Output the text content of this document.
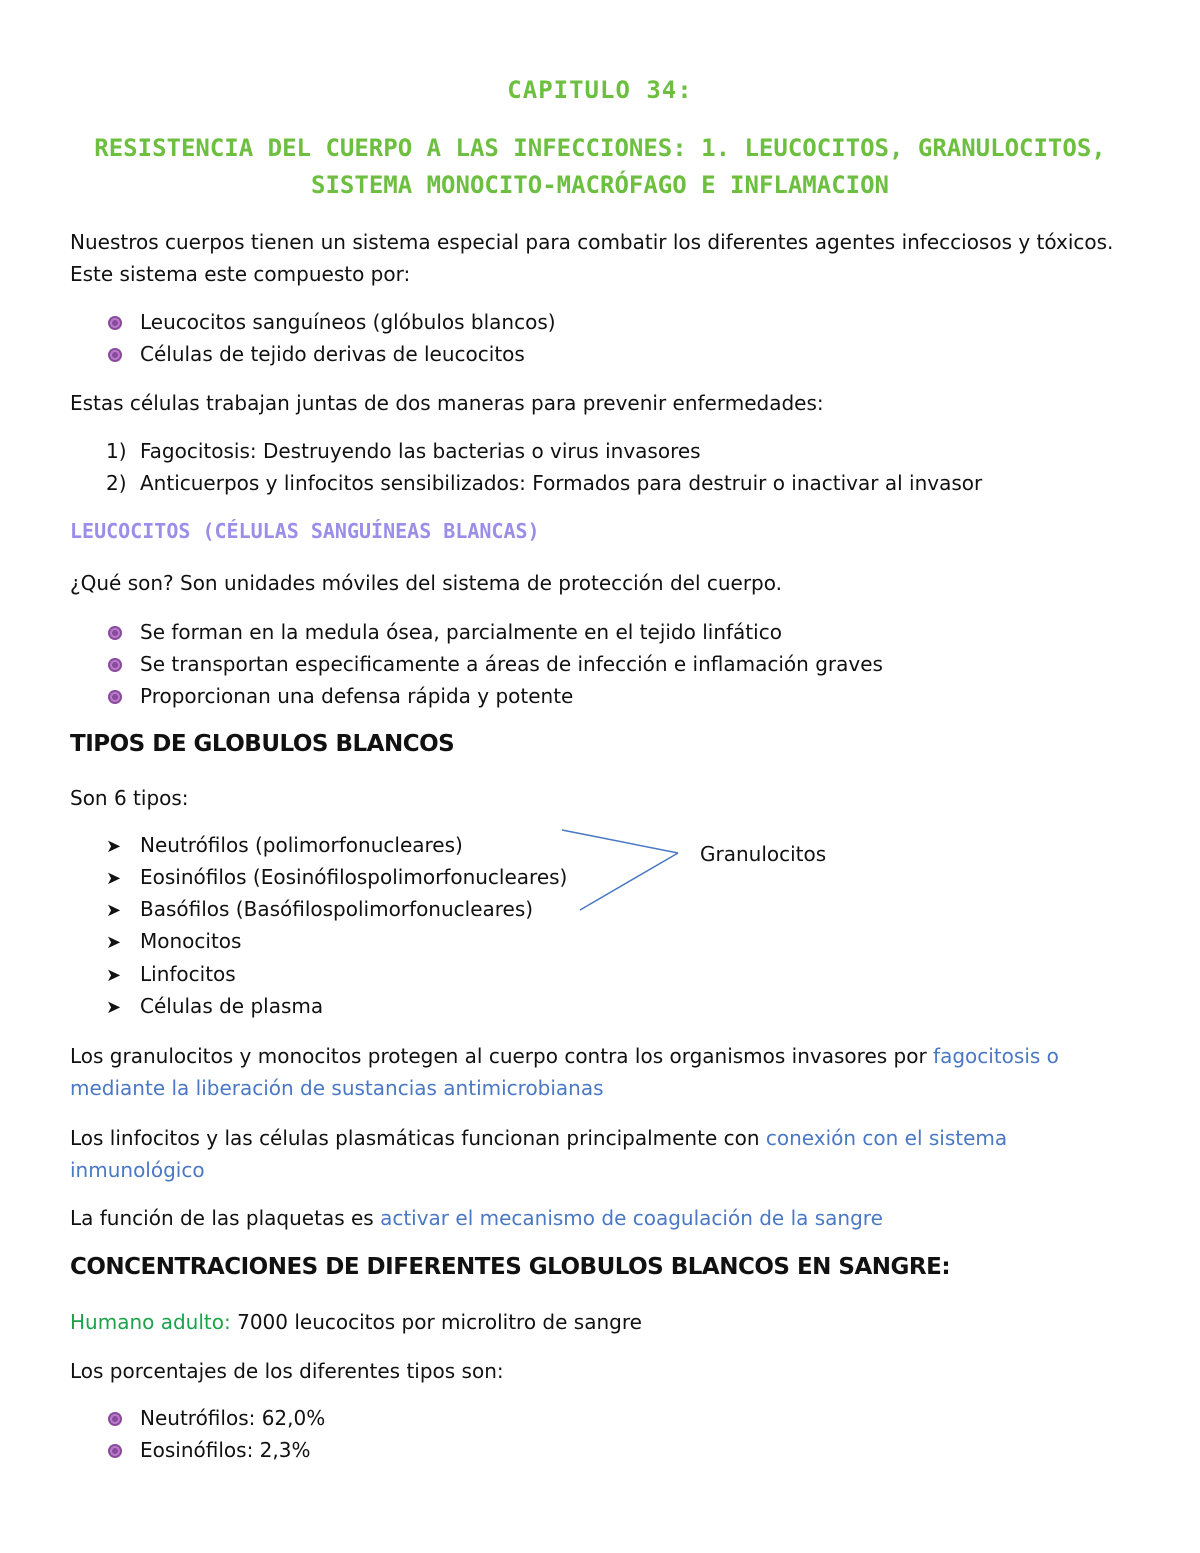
CAPITULO 34:
RESISTENCIA DEL CUERPO A LAS INFECCIONES: 1. LEUCOCITOS, GRANULOCITOS, SISTEMA MONOCITO-MACRÓFAGO E INFLAMACION

Nuestros cuerpos tienen un sistema especial para combatir los diferentes agentes infecciosos y tóxicos. Este sistema este compuesto por:

Leucocitos sanguíneos (glóbulos blancos)
Células de tejido derivas de leucocitos

Estas células trabajan juntas de dos maneras para prevenir enfermedades:

1) Fagocitosis: Destruyendo las bacterias o virus invasores
2) Anticuerpos y linfocitos sensibilizados: Formados para destruir o inactivar al invasor
LEUCOCITOS (CÉLULAS SANGUÍNEAS BLANCAS)

¿Qué son? Son unidades móviles del sistema de protección del cuerpo.

Se forman en la medula ósea, parcialmente en el tejido linfático
Se transportan especificamente a áreas de infección e inflamación graves
Proporcionan una defensa rápida y potente
TIPOS DE GLOBULOS BLANCOS

Son 6 tipos:

➤ Neutrófilos (polimorfonucleares)
➤ Eosinófilos (Eosinófilospolimorfonucleares)
➤ Basófilos (Basófilospolimorfonucleares)
➤ Monocitos
➤ Linfocitos
➤ Células de plasma
Granulocitos

Los granulocitos y monocitos protegen al cuerpo contra los organismos invasores por fagocitosis o mediante la liberación de sustancias antimicrobianas

Los linfocitos y las células plasmáticas funcionan principalmente con conexión con el sistema inmunológico

La función de las plaquetas es activar el mecanismo de coagulación de la sangre

CONCENTRACIONES DE DIFERENTES GLOBULOS BLANCOS EN SANGRE:

Humano adulto: 7000 leucocitos por microlitro de sangre

Los porcentajes de los diferentes tipos son:

Neutrófilos: 62,0%
Eosinófilos: 2,3%
